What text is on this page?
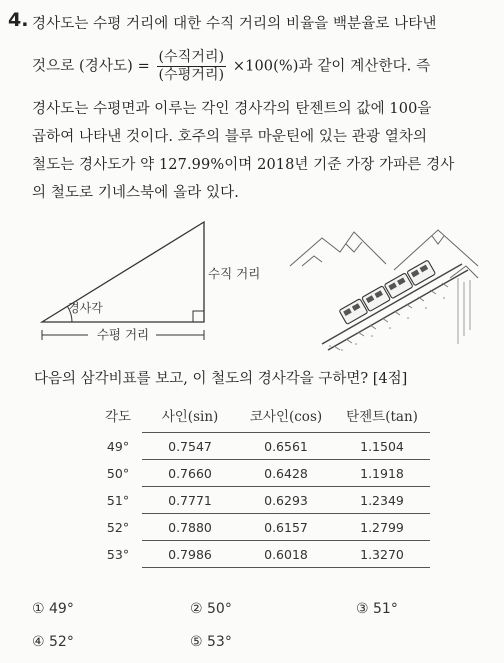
4. 경사도는 수평 거리에 대한 수직 거리의 비율을 백분율로 나타낸
것으로 (경사도) = $\frac{\text{(수직거리)}}{\text{(수평거리)}} \times 100(\%)$과 같이 계산한다. 즉
경사도는 수평면과 이루는 각인 경사각의 탄젠트의 값에 100을
곱하여 나타낸 것이다. 호주의 블루 마운틴에 있는 관광 열차의
철도는 경사도가 약 127.99%이며 2018년 기준 가장 가파른 경사
의 철도로 기네스북에 올라 있다.
수직 거리
경사각
수평 거리
다음의 삼각비표를 보고, 이 철도의 경사각을 구하면? [4점]
각도	사인(sin)	코사인(cos)	탄젠트(tan)
49°	0.7547	0.6561	1.1504
50°	0.7660	0.6428	1.1918
51°	0.7771	0.6293	1.2349
52°	0.7880	0.6157	1.2799
53°	0.7986	0.6018	1.3270
① 49°	② 50°	③ 51°
④ 52°	⑤ 53°
